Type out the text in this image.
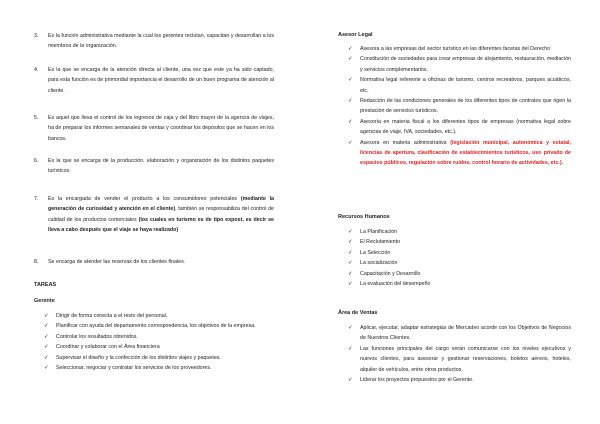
3.	Es la función administrativa mediante la cual los gerentes reclutan, capacitan y desarrollan a los miembros de la organización.
4.	Es la que se encarga de la atención directa al cliente, una vez que este ya ha sido captado, para esta función es de primordial importancia el desarrollo de un buen programa de atención al cliente.
5.	Es aquel que lleva el control de los ingresos de caja y del libro mayor de la agencia de viajes, ha de preparar los informes semanales de ventas y coordinar los depósitos que se hacen en los bancos.
6.	Es la que se encarga de la producción, elaboración y organización de los distintos paquetes turísticos.
7.	Es la encargada de vender el producto a los consumidores potenciales (mediante la generación de curiosidad y atención en el cliente), también se responsabiliza del control de calidad de los productos comerciales (los cuales en turismo es de tipo expost, es decir se lleva a cabo después que el viaje se haya realizado)
8.	Se encarga de atender las reservas de los clientes finales.
TAREAS
Gerente
✓ Dirigir de forma conecta a el resto del personal.
✓ Planificar con ayuda del departamento correspondencia, los objetivos de la empresa.
✓ Controlar los resultados obtenidos.
✓ Coordinar y colaborar con el Área financiera
✓ Supervisar el diseño y la confección de los distintos viajes y paquetes.
✓ Seleccionar, negociar y contratar los servicios de los proveedores.
Asesor Legal
✓ Asesora a las empresas del sector turístico en las diferentes facetas del Derecho
✓ Constitución de sociedades para crear empresas de alojamiento, restauración, mediación y servicios complementarios.
✓ Normativa legal referente a oficinas de turismo, centros recreativos, parques acuáticos, etc.
✓ Redacción de las condiciones generales de los diferentes tipos de contratos que rigen la prestación de servicios turísticos.
✓ Asesoría en materia fiscal a los diferentes tipos de empresas (normativa legal sobre agencias de viaje, IVA, sociedades, etc.).
✓ Asesora en materia administrativa (legislación municipal, autonómica y estatal, licencias de apertura, clasificación de establecimientos turísticos, uso privado de espacios públicos, regulación sobre ruidos, control horario de actividades, etc.).
Recursos Humanos
✓ La Planificación
✓ El Reclutamiento
✓ La Selección
✓ La socialización
✓ Capacitación y Desarrollo
✓ La evaluación del desempeño
Área de Ventas
✓ Aplicar, ejecutar, adaptar estrategias de Mercadeo acorde con los Objetivos de Negocios de Nuestros Clientes.
✓ Las funciones principales del cargo serán comunicarse con los niveles ejecutivos y nuevos clientes, para asesorar y gestionar reservaciones, boletos aéreos, hoteles, alquiler de vehículos, entre otros productos.
✓ Liderar los proyectos propuestos por el Gerente.
